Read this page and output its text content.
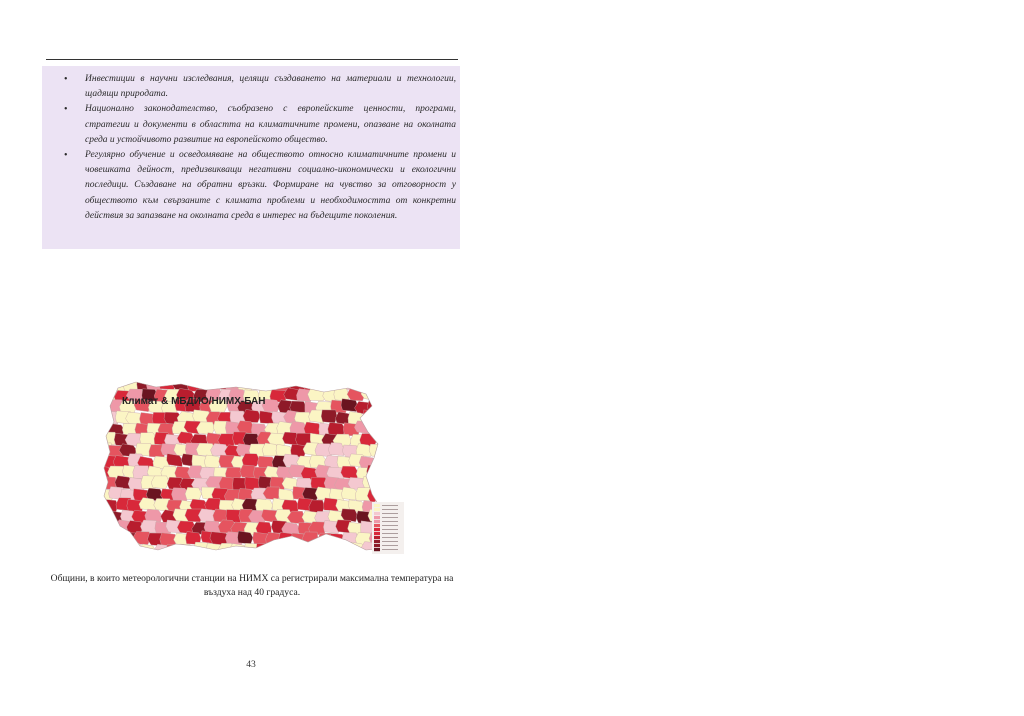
• Инвестиции в научни изследвания, целящи създаването на материали и технологии, щадящи природата.
• Национално законодателство, съобразено с европейските ценности, програми, стратегии и документи в областта на климатичните промени, опазване на околната среда и устойчивото развитие на европейското общество.
• Регулярно обучение и осведомяване на обществото относно климатичните промени и човешката дейност, предизвикващи негативни социално-икономически и екологични последици. Създаване на обратни връзки. Формиране на чувство за отговорност у обществото към свързаните с климата проблеми и необходимостта от конкретни действия за запазване на околната среда в интерес на бъдещите поколения.
Климат & МБДИО/НИМХ-БАН
Общини, в които метеорологични станции на НИМХ са регистрирали максимална температура на въздуха над 40 градуса.
43
